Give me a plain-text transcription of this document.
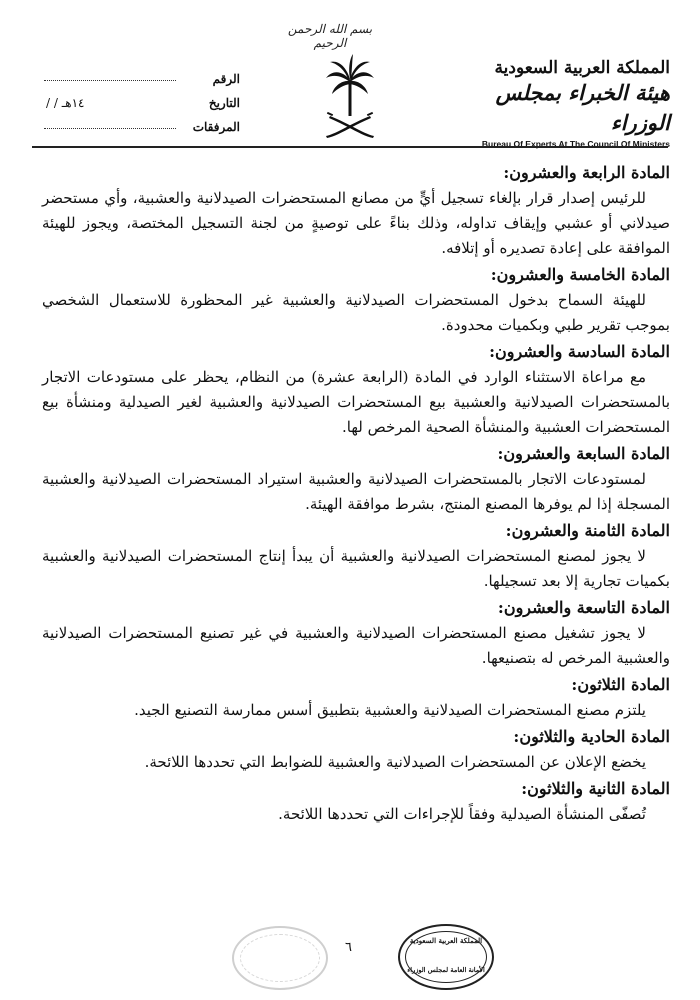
بسم الله الرحمن الرحيم
المملكة العربية السعودية
هيئة الخبراء بمجلس الوزراء
Bureau Of Experts At The Council Of Ministers
الرقم
التاريخ
/ / ١٤هـ
المرفقات

المادة الرابعة والعشرون:

للرئيس إصدار قرار بإلغاء تسجيل أيٍّ من مصانع المستحضرات الصيدلانية والعشبية، وأي مستحضر صيدلاني أو عشبي وإيقاف تداوله، وذلك بناءً على توصيةٍ من لجنة التسجيل المختصة، ويجوز للهيئة الموافقة على إعادة تصديره أو إتلافه.

المادة الخامسة والعشرون:

للهيئة السماح بدخول المستحضرات الصيدلانية والعشبية غير المحظورة للاستعمال الشخصي بموجب تقرير طبي وبكميات محدودة.

المادة السادسة والعشرون:

مع مراعاة الاستثناء الوارد في المادة (الرابعة عشرة) من النظام، يحظر على مستودعات الاتجار بالمستحضرات الصيدلانية والعشبية بيع المستحضرات الصيدلانية والعشبية لغير الصيدلية ومنشأة بيع المستحضرات العشبية والمنشأة الصحية المرخص لها.

المادة السابعة والعشرون:

لمستودعات الاتجار بالمستحضرات الصيدلانية والعشبية استيراد المستحضرات الصيدلانية والعشبية المسجلة إذا لم يوفرها المصنع المنتج، بشرط موافقة الهيئة.

المادة الثامنة والعشرون:

لا يجوز لمصنع المستحضرات الصيدلانية والعشبية أن يبدأ إنتاج المستحضرات الصيدلانية والعشبية بكميات تجارية إلا بعد تسجيلها.

المادة التاسعة والعشرون:

لا يجوز تشغيل مصنع المستحضرات الصيدلانية والعشبية في غير تصنيع المستحضرات الصيدلانية والعشبية المرخص له بتصنيعها.

المادة الثلاثون:

يلتزم مصنع المستحضرات الصيدلانية والعشبية بتطبيق أسس ممارسة التصنيع الجيد.

المادة الحادية والثلاثون:

يخضع الإعلان عن المستحضرات الصيدلانية والعشبية للضوابط التي تحددها اللائحة.

المادة الثانية والثلاثون:

تُصفّى المنشأة الصيدلية وفقاً للإجراءات التي تحددها اللائحة.

٦	المملكة العربية السعودية
الأمانة العامة لمجلس الوزراء
